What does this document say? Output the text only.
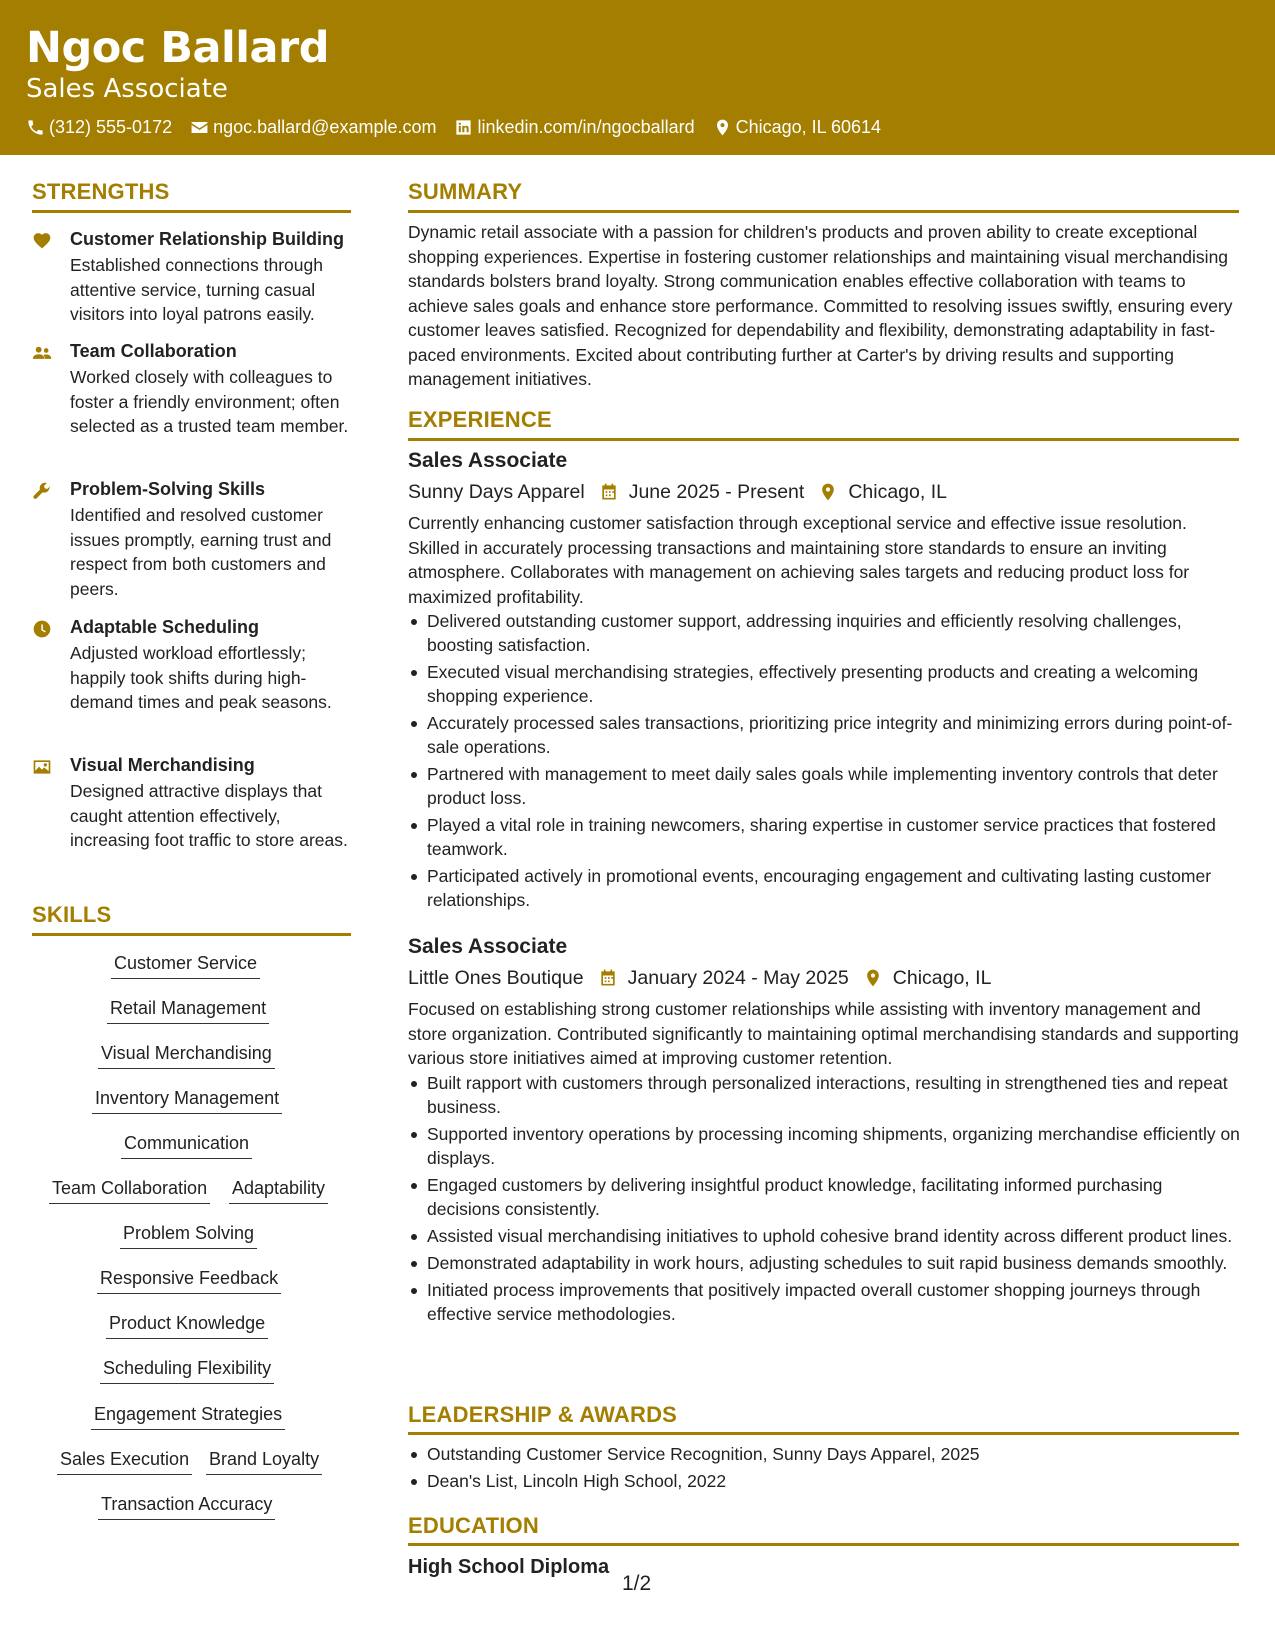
Ngoc Ballard
Sales Associate
(312) 555-0172 ngoc.ballard@example.com linkedin.com/in/ngocballard Chicago, IL 60614
STRENGTHS
Customer Relationship Building
Established connections through attentive service, turning casual visitors into loyal patrons easily.
Team Collaboration
Worked closely with colleagues to foster a friendly environment; often selected as a trusted team member.
Problem-Solving Skills
Identified and resolved customer issues promptly, earning trust and respect from both customers and peers.
Adaptable Scheduling
Adjusted workload effortlessly; happily took shifts during high-demand times and peak seasons.
Visual Merchandising
Designed attractive displays that caught attention effectively, increasing foot traffic to store areas.
SKILLS
Customer Service
Retail Management
Visual Merchandising
Inventory Management
Communication
Team Collaboration Adaptability
Problem Solving
Responsive Feedback
Product Knowledge
Scheduling Flexibility
Engagement Strategies
Sales Execution Brand Loyalty
Transaction Accuracy
SUMMARY

Dynamic retail associate with a passion for children's products and proven ability to create exceptional shopping experiences. Expertise in fostering customer relationships and maintaining visual merchandising standards bolsters brand loyalty. Strong communication enables effective collaboration with teams to achieve sales goals and enhance store performance. Committed to resolving issues swiftly, ensuring every customer leaves satisfied. Recognized for dependability and flexibility, demonstrating adaptability in fast-paced environments. Excited about contributing further at Carter's by driving results and supporting management initiatives.

EXPERIENCE
Sales Associate
Sunny Days Apparel June 2025 - Present Chicago, IL

Currently enhancing customer satisfaction through exceptional service and effective issue resolution. Skilled in accurately processing transactions and maintaining store standards to ensure an inviting atmosphere. Collaborates with management on achieving sales targets and reducing product loss for maximized profitability.

Delivered outstanding customer support, addressing inquiries and efficiently resolving challenges, boosting satisfaction.
Executed visual merchandising strategies, effectively presenting products and creating a welcoming shopping experience.
Accurately processed sales transactions, prioritizing price integrity and minimizing errors during point-of-sale operations.
Partnered with management to meet daily sales goals while implementing inventory controls that deter product loss.
Played a vital role in training newcomers, sharing expertise in customer service practices that fostered teamwork.
Participated actively in promotional events, encouraging engagement and cultivating lasting customer relationships.
Sales Associate
Little Ones Boutique January 2024 - May 2025 Chicago, IL

Focused on establishing strong customer relationships while assisting with inventory management and store organization. Contributed significantly to maintaining optimal merchandising standards and supporting various store initiatives aimed at improving customer retention.

Built rapport with customers through personalized interactions, resulting in strengthened ties and repeat business.
Supported inventory operations by processing incoming shipments, organizing merchandise efficiently on displays.
Engaged customers by delivering insightful product knowledge, facilitating informed purchasing decisions consistently.
Assisted visual merchandising initiatives to uphold cohesive brand identity across different product lines.
Demonstrated adaptability in work hours, adjusting schedules to suit rapid business demands smoothly.
Initiated process improvements that positively impacted overall customer shopping journeys through effective service methodologies.
LEADERSHIP & AWARDS
Outstanding Customer Service Recognition, Sunny Days Apparel, 2025
Dean's List, Lincoln High School, 2022
EDUCATION
High School Diploma
1/2
